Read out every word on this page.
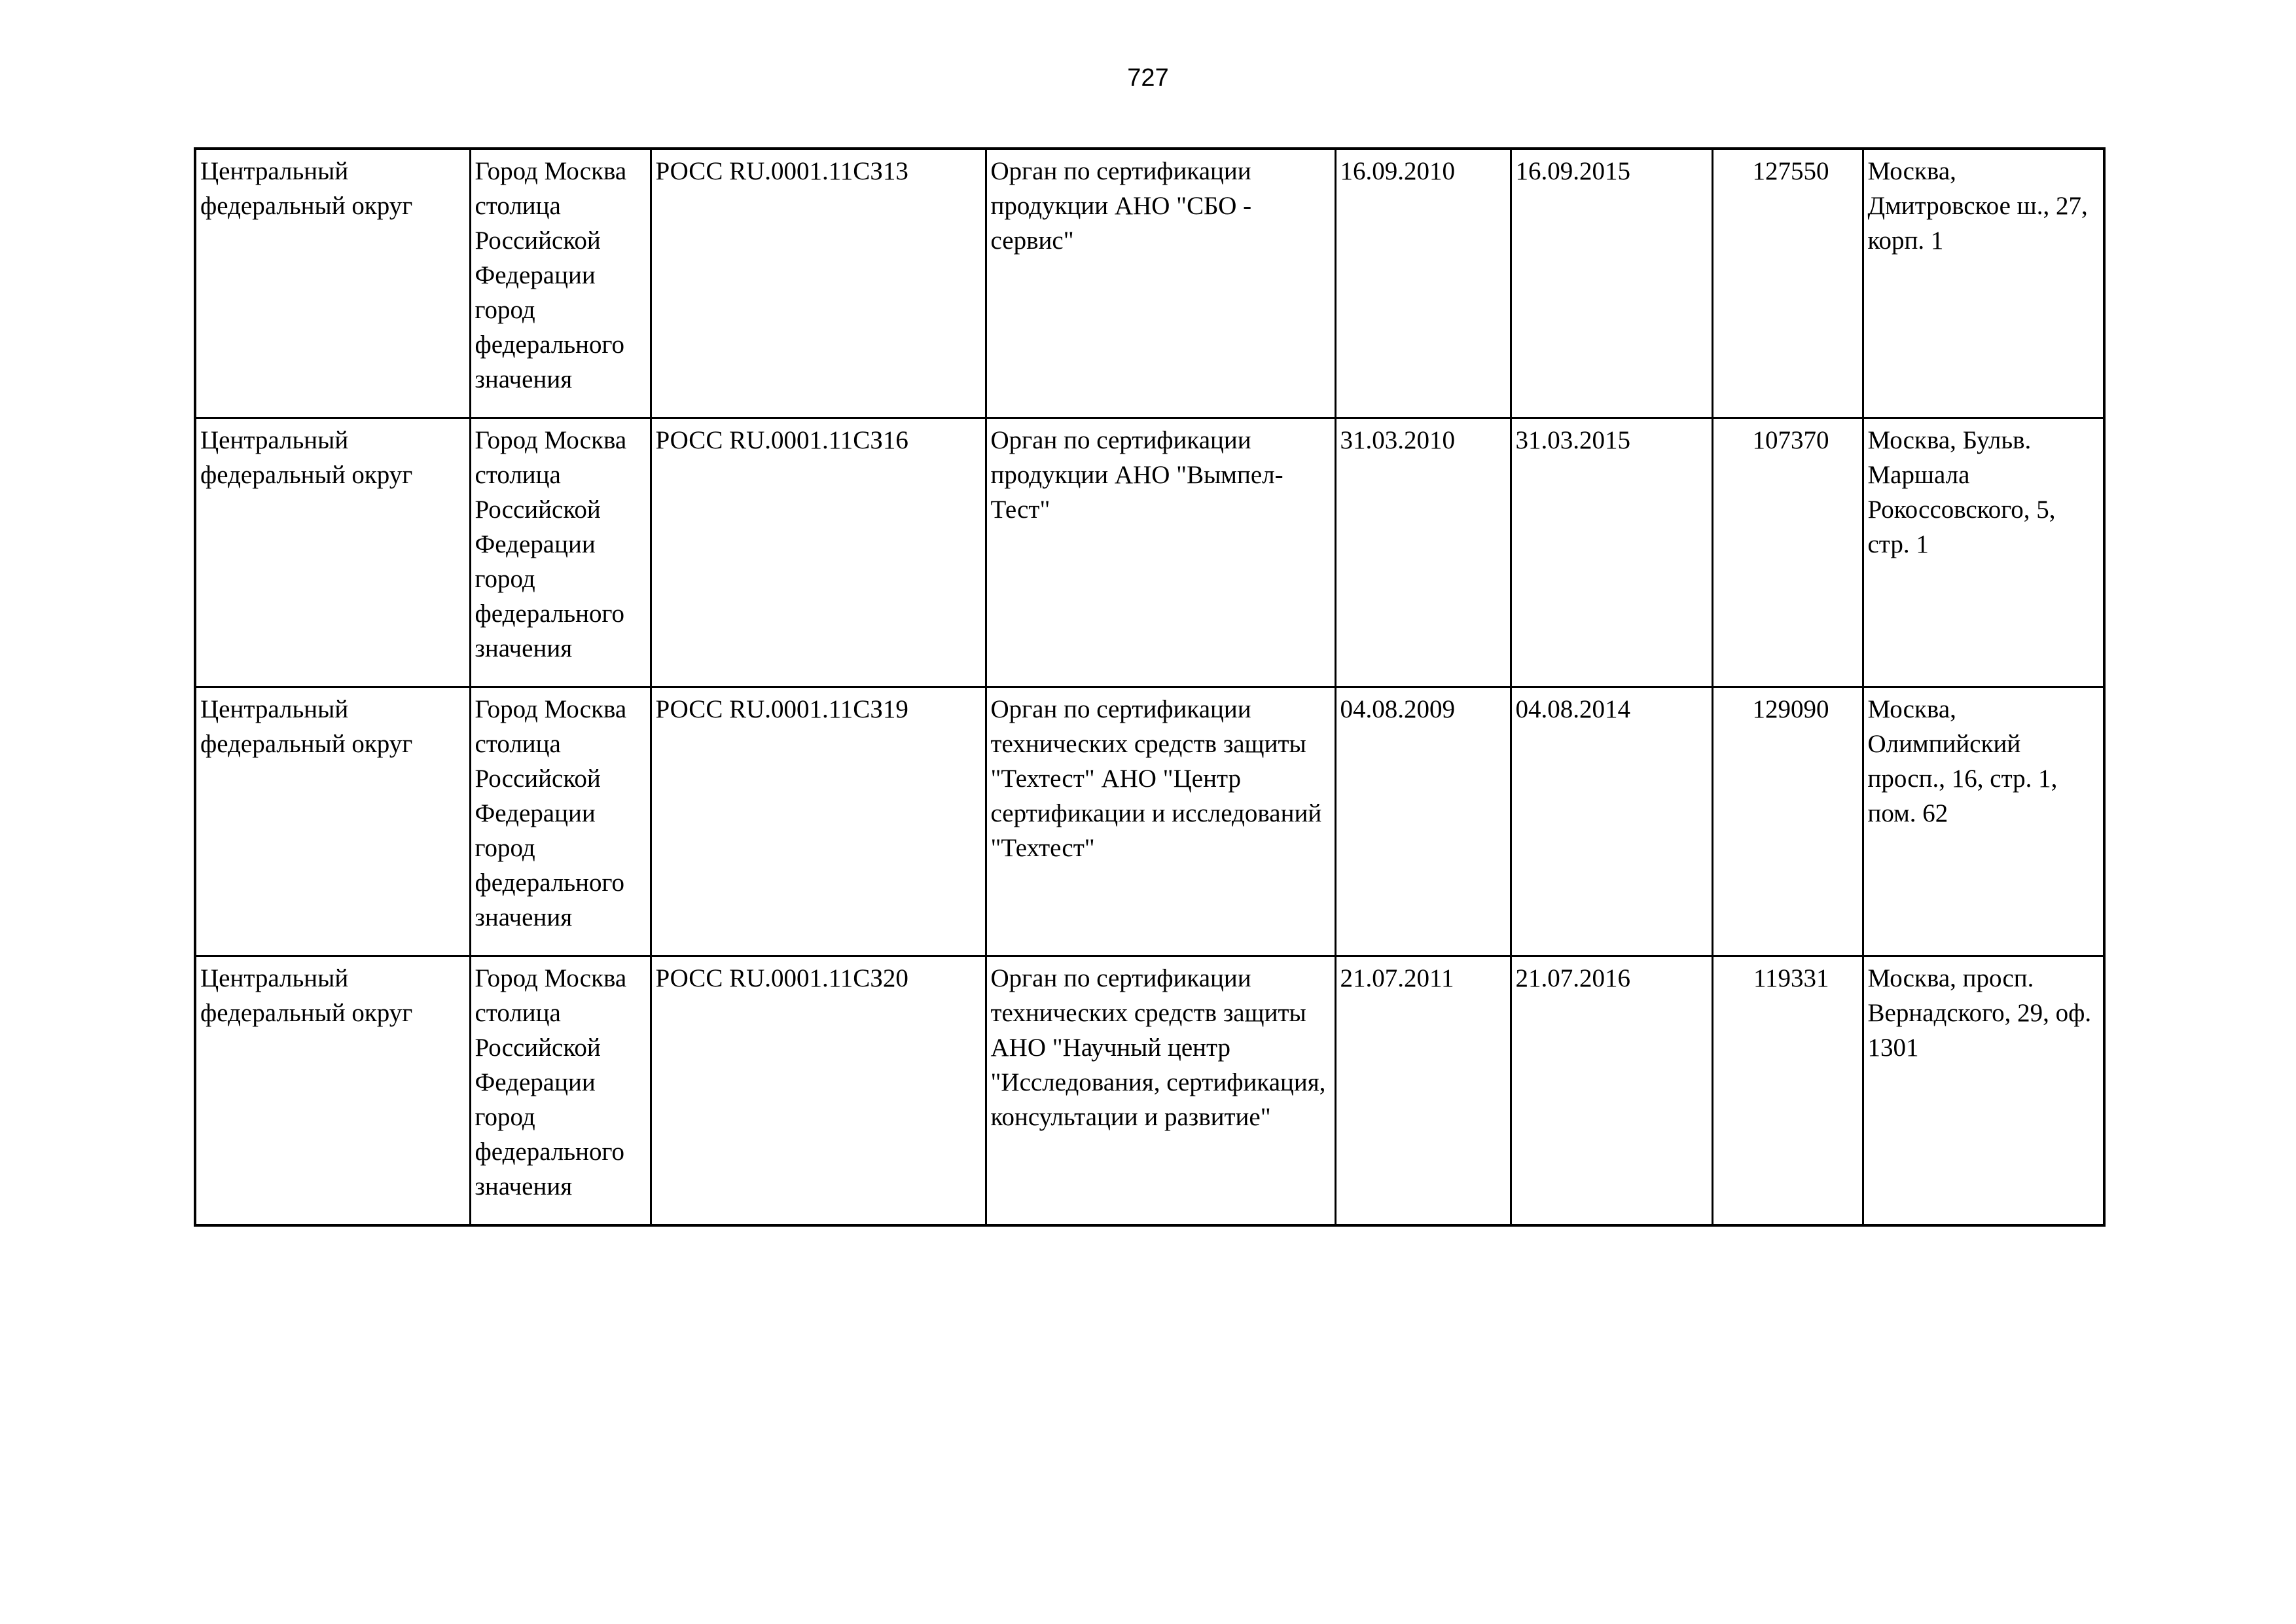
727
Центральный федеральный округ	Город Москва столица Российской Федерации город федерального значения	РОСС RU.0001.11СЗ13	Орган по сертификации продукции АНО "СБО - сервис"	16.09.2010	16.09.2015	127550	Москва, Дмитровское ш., 27, корп. 1

Центральный федеральный округ	Город Москва столица Российской Федерации город федерального значения	РОСС RU.0001.11СЗ16	Орган по сертификации продукции АНО "Вымпел-Тест"	31.03.2010	31.03.2015	107370	Москва, Бульв. Маршала Рокоссовского, 5, стр. 1

Центральный федеральный округ	Город Москва столица Российской Федерации город федерального значения	РОСС RU.0001.11СЗ19	Орган по сертификации технических средств защиты "Техтест" АНО "Центр сертификации и исследований "Техтест"	04.08.2009	04.08.2014	129090	Москва, Олимпийский просп., 16, стр. 1, пом. 62

Центральный федеральный округ	Город Москва столица Российской Федерации город федерального значения	РОСС RU.0001.11СЗ20	Орган по сертификации технических средств защиты АНО "Научный центр "Исследования, сертификация, консультации и развитие"	21.07.2011	21.07.2016	119331	Москва, просп. Вернадского, 29, оф. 1301
